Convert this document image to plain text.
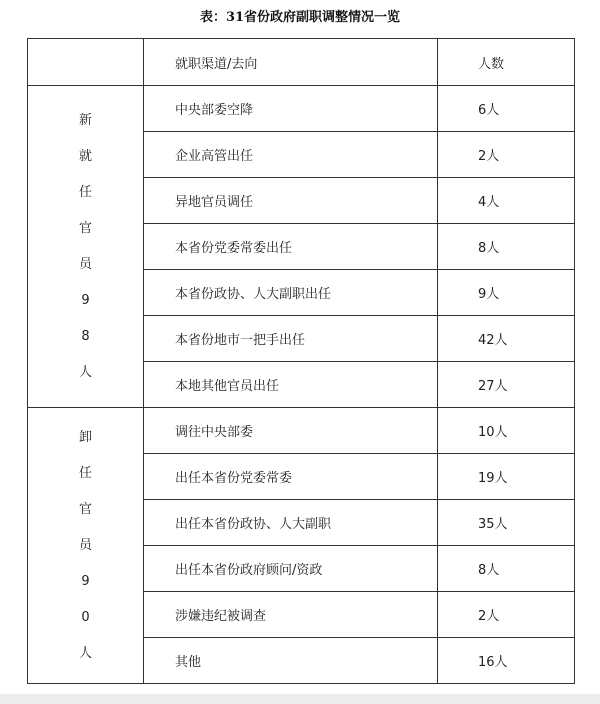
表：31省份政府副职调整情况一览
	就职渠道/去向	人数
新就任官员98人	中央部委空降	6人
	企业高管出任	2人
	异地官员调任	4人
	本省份党委常委出任	8人
	本省份政协、人大副职出任	9人
	本省份地市一把手出任	42人
	本地其他官员出任	27人
卸任官员90人	调往中央部委	10人
	出任本省份党委常委	19人
	出任本省份政协、人大副职	35人
	出任本省份政府顾问/资政	8人
	涉嫌违纪被调查	2人
	其他	16人
